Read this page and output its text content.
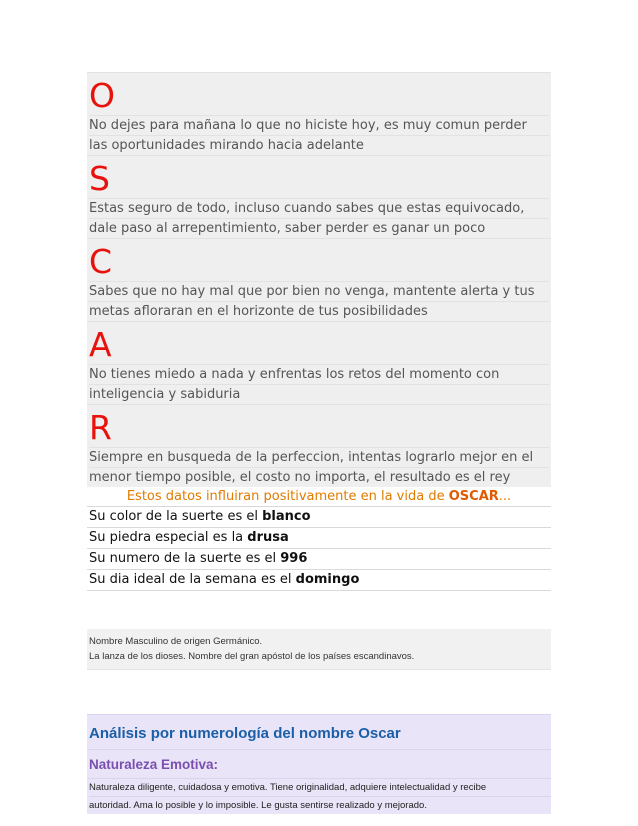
O
No dejes para mañana lo que no hiciste hoy, es muy comun perder
las oportunidades mirando hacia adelante
S
Estas seguro de todo, incluso cuando sabes que estas equivocado,
dale paso al arrepentimiento, saber perder es ganar un poco
C
Sabes que no hay mal que por bien no venga, mantente alerta y tus
metas afloraran en el horizonte de tus posibilidades
A
No tienes miedo a nada y enfrentas los retos del momento con
inteligencia y sabiduria
R
Siempre en busqueda de la perfeccion, intentas lograrlo mejor en el
menor tiempo posible, el costo no importa, el resultado es el rey
Estos datos influiran positivamente en la vida de OSCAR...
Su color de la suerte es el blanco
Su piedra especial es la drusa
Su numero de la suerte es el 996
Su dia ideal de la semana es el domingo
Nombre Masculino de origen Germánico.
La lanza de los dioses. Nombre del gran apóstol de los países escandinavos.
Análisis por numerología del nombre Oscar
Naturaleza Emotiva:
Naturaleza diligente, cuidadosa y emotiva. Tiene originalidad, adquiere intelectualidad y recibe
autoridad. Ama lo posible y lo imposible. Le gusta sentirse realizado y mejorado.
